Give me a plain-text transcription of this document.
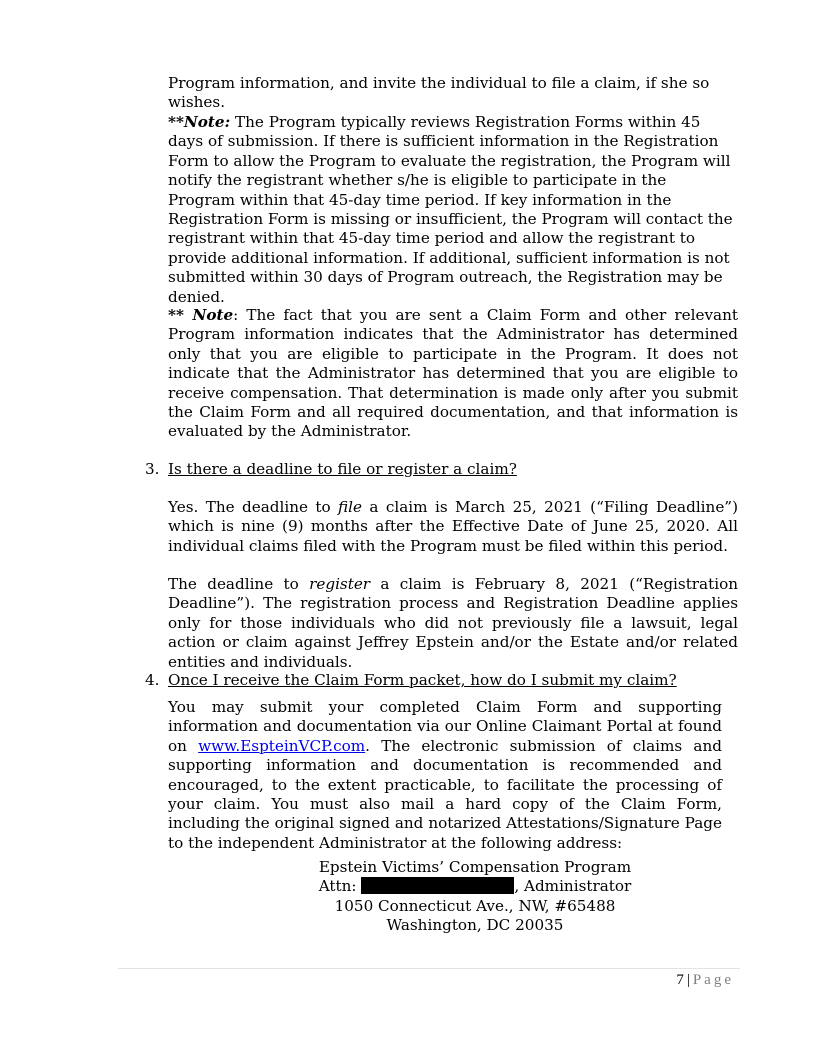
Program information, and invite the individual to file a claim, if she so wishes.

**Note: The Program typically reviews Registration Forms within 45 days of submission. If there is sufficient information in the Registration Form to allow the Program to evaluate the registration, the Program will notify the registrant whether s/he is eligible to participate in the Program within that 45-day time period. If key information in the Registration Form is missing or insufficient, the Program will contact the registrant within that 45-day time period and allow the registrant to provide additional information. If additional, sufficient information is not submitted within 30 days of Program outreach, the Registration may be denied.

** Note: The fact that you are sent a Claim Form and other relevant Program information indicates that the Administrator has determined only that you are eligible to participate in the Program. It does not indicate that the Administrator has determined that you are eligible to receive compensation. That determination is made only after you submit the Claim Form and all required documentation, and that information is evaluated by the Administrator.

3. Is there a deadline to file or register a claim?

Yes. The deadline to file a claim is March 25, 2021 (“Filing Deadline”) which is nine (9) months after the Effective Date of June 25, 2020. All individual claims filed with the Program must be filed within this period.

The deadline to register a claim is February 8, 2021 (“Registration Deadline”). The registration process and Registration Deadline applies only for those individuals who did not previously file a lawsuit, legal action or claim against Jeffrey Epstein and/or the Estate and/or related entities and individuals.

4. Once I receive the Claim Form packet, how do I submit my claim?

You may submit your completed Claim Form and supporting information and documentation via our Online Claimant Portal at found on www.EspteinVCP.com. The electronic submission of claims and supporting information and documentation is recommended and encouraged, to the extent practicable, to facilitate the processing of your claim. You must also mail a hard copy of the Claim Form, including the original signed and notarized Attestations/Signature Page to the independent Administrator at the following address:

Epstein Victims’ Compensation Program
Attn:	, Administrator
1050 Connecticut Ave., NW, #65488
Washington, DC 20035
7 | Page
